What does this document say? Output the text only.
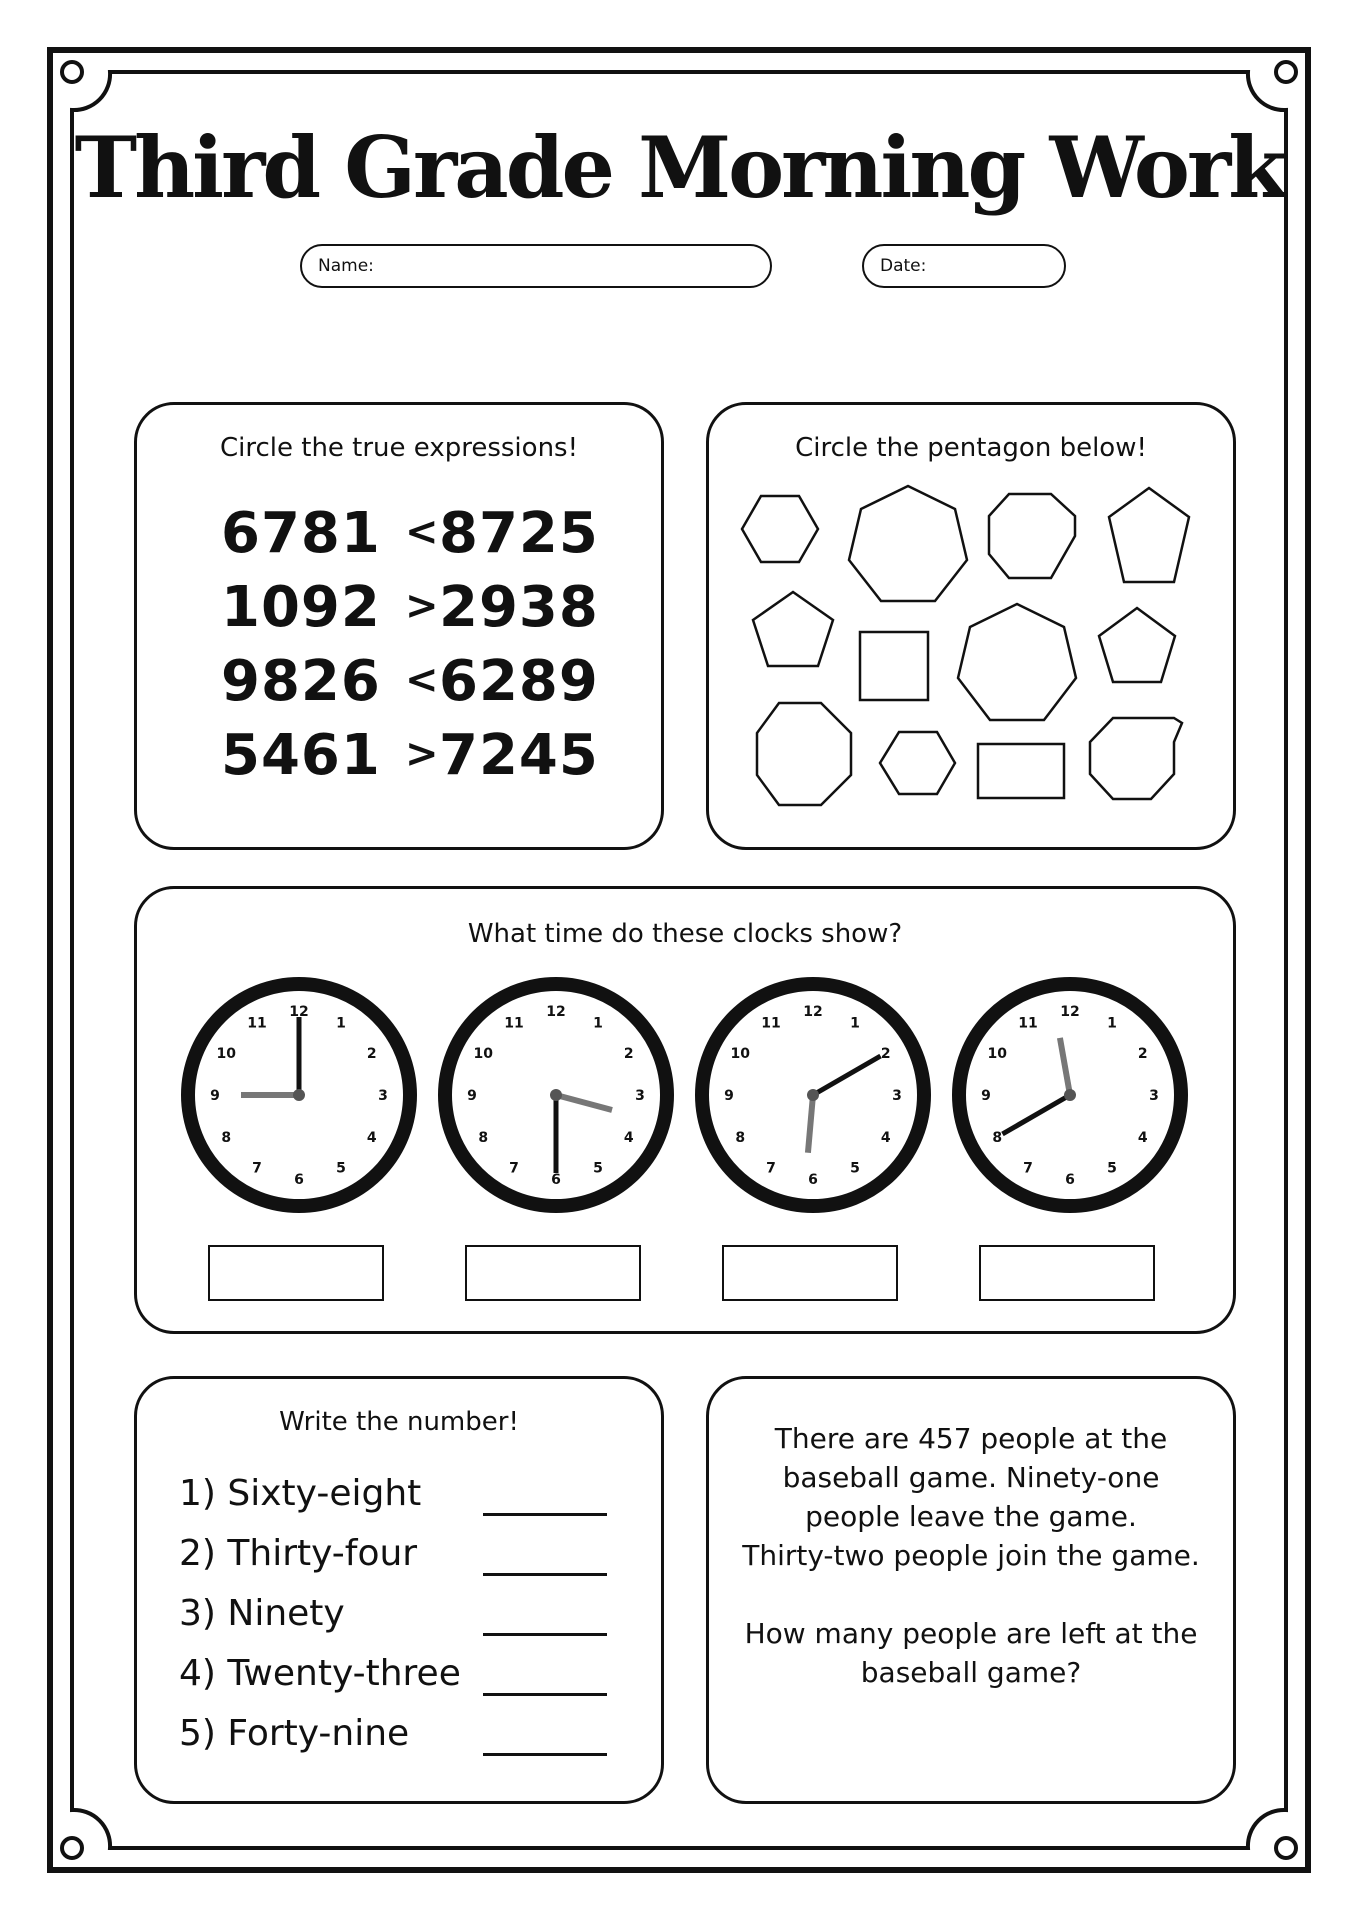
Third Grade Morning Work
Name:	Date:
Circle the true expressions!
6781 < 8725
1092 > 2938
9826 < 6289
5461 > 7245
Circle the pentagon below!
What time do these clocks show?
12
1
2
3
4
5
6
7
8
9
10
11
12
1
2
3
4
5
6
7
8
9
10
11
12
1
2
3
4
5
6
7
8
9
10
11
12
1
2
3
4
5
6
7
8
9
10
11
Write the number!
1) Sixty-eight
2) Thirty-four
3) Ninety
4) Twenty-three
5) Forty-nine
There are 457 people at the
baseball game. Ninety-one
people leave the game.
Thirty-two people join the game.
How many people are left at the
baseball game?
